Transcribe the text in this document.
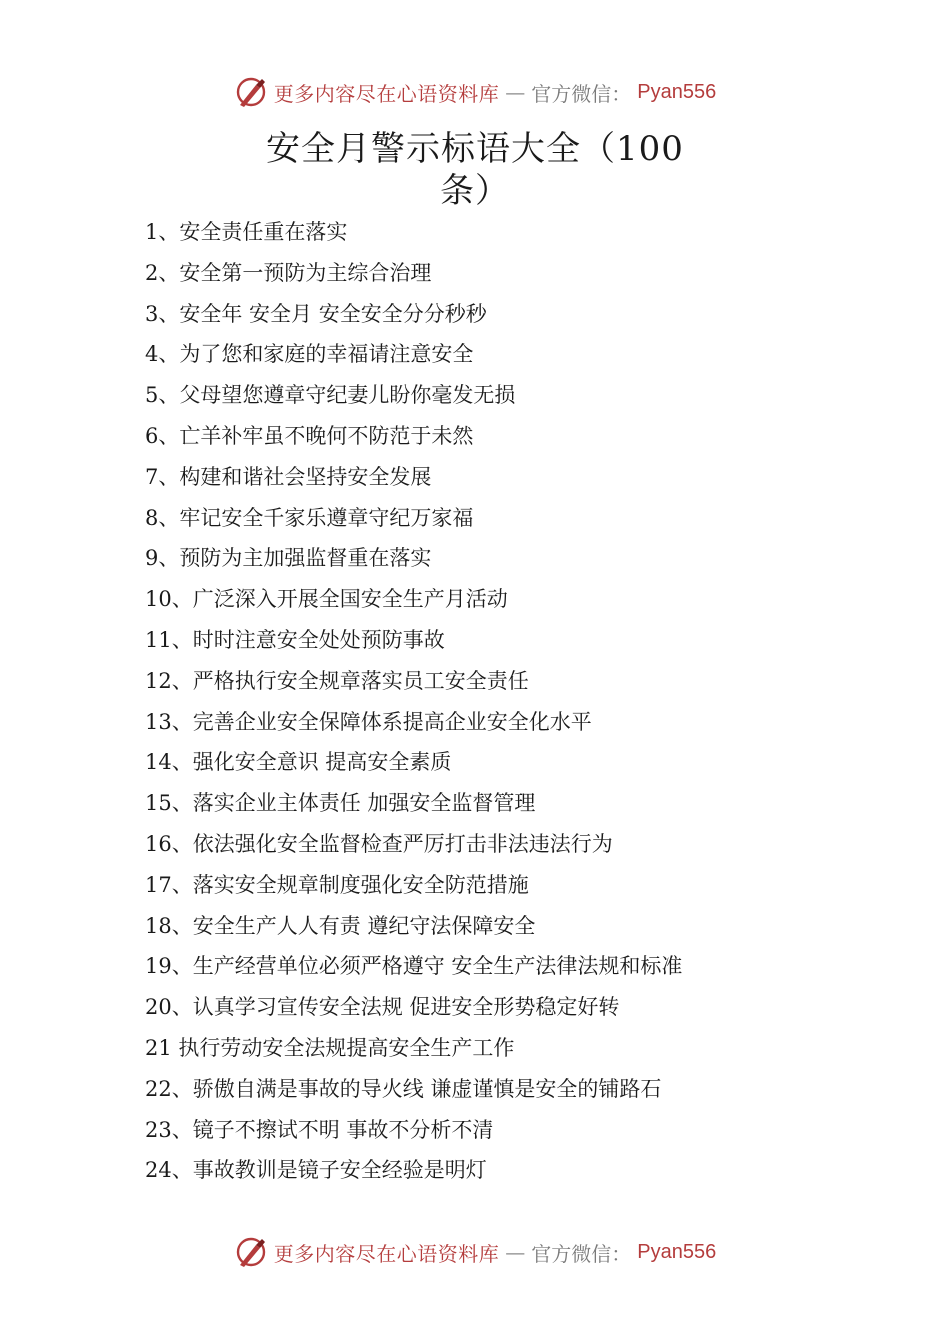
更多内容尽在心语资料库 — 官方微信： Pyan556
安全月警示标语大全（100条）
1、安全责任重在落实
2、安全第一预防为主综合治理
3、安全年 安全月 安全安全分分秒秒
4、为了您和家庭的幸福请注意安全
5、父母望您遵章守纪妻儿盼你毫发无损
6、亡羊补牢虽不晚何不防范于未然
7、构建和谐社会坚持安全发展
8、牢记安全千家乐遵章守纪万家福
9、预防为主加强监督重在落实
10、广泛深入开展全国安全生产月活动
11、时时注意安全处处预防事故
12、严格执行安全规章落实员工安全责任
13、完善企业安全保障体系提高企业安全化水平
14、强化安全意识 提高安全素质
15、落实企业主体责任 加强安全监督管理
16、依法强化安全监督检查严厉打击非法违法行为
17、落实安全规章制度强化安全防范措施
18、安全生产人人有责 遵纪守法保障安全
19、生产经营单位必须严格遵守 安全生产法律法规和标准
20、认真学习宣传安全法规 促进安全形势稳定好转
21 执行劳动安全法规提高安全生产工作
22、骄傲自满是事故的导火线 谦虚谨慎是安全的铺路石
23、镜子不擦试不明 事故不分析不清
24、事故教训是镜子安全经验是明灯
更多内容尽在心语资料库 — 官方微信： Pyan556
